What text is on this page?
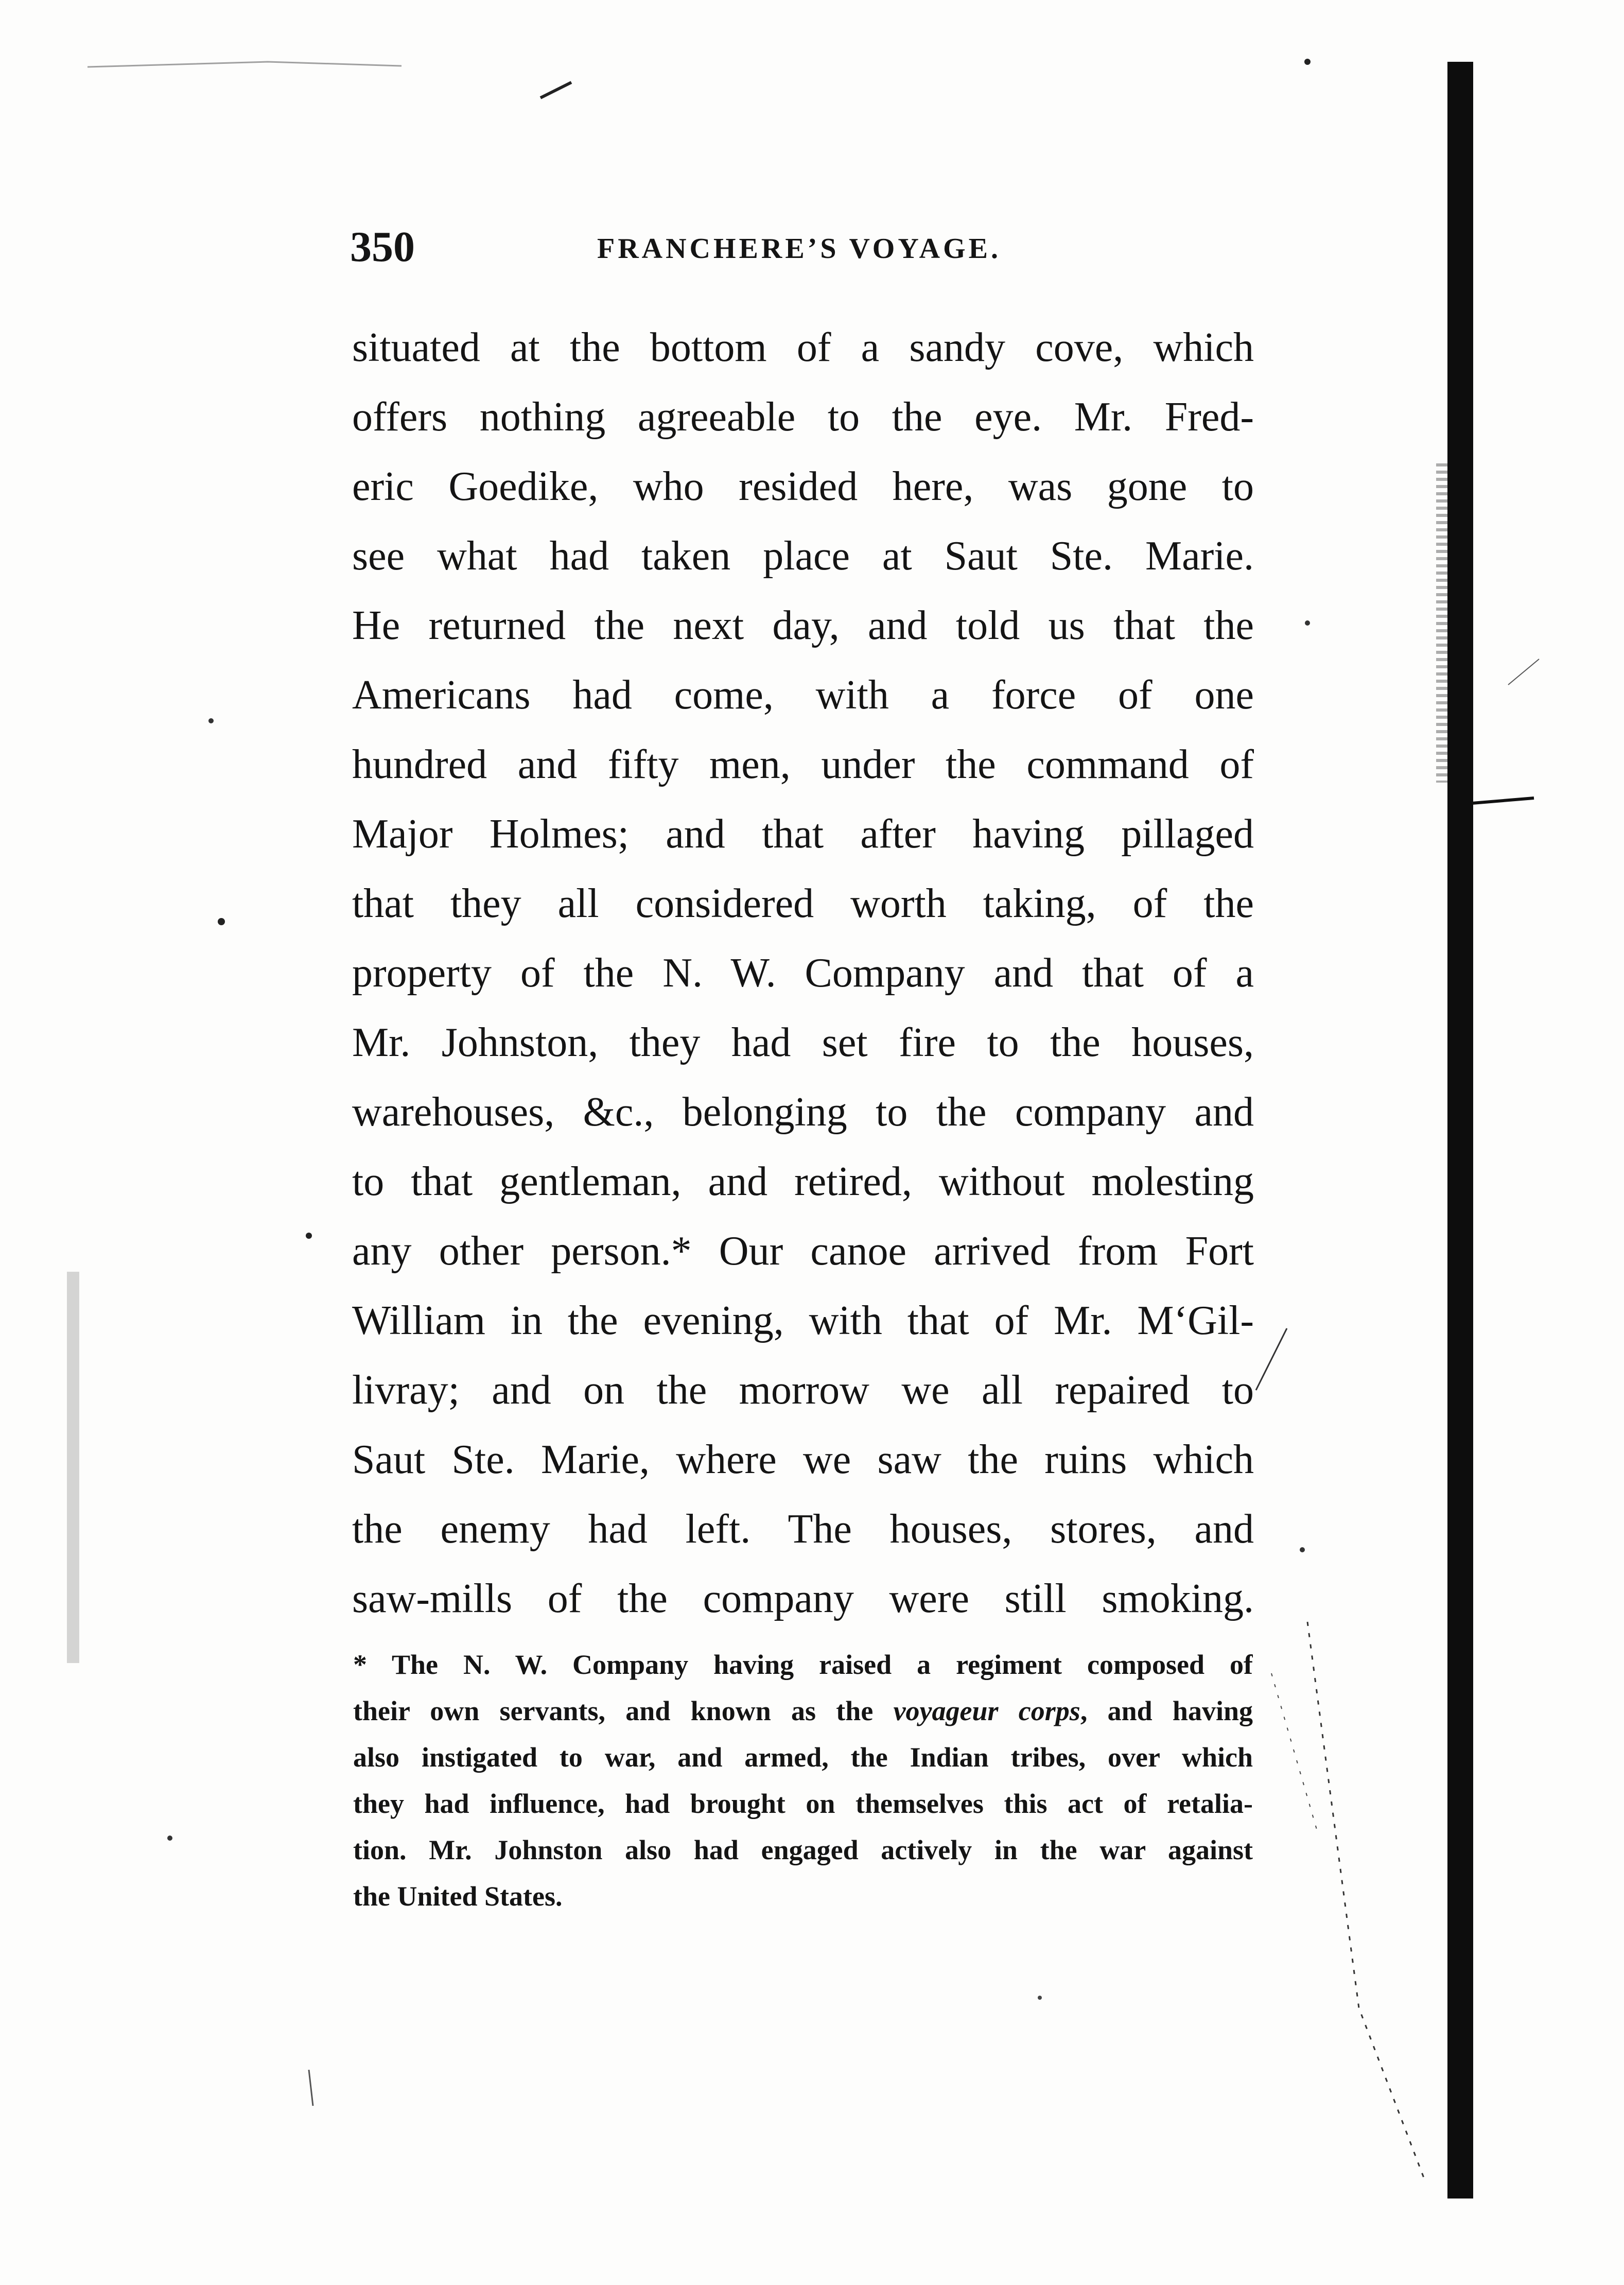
350	FRANCHERE’S VOYAGE.
situated at the bottom of a sandy cove, which
offers nothing agreeable to the eye. Mr. Fred-
eric Goedike, who resided here, was gone to
see what had taken place at Saut Ste. Marie.
He returned the next day, and told us that the
Americans had come, with a force of one
hundred and fifty men, under the command of
Major Holmes; and that after having pillaged
that they all considered worth taking, of the
property of the N. W. Company and that of a
Mr. Johnston, they had set fire to the houses,
warehouses, &c., belonging to the company and
to that gentleman, and retired, without molesting
any other person.* Our canoe arrived from Fort
William in the evening, with that of Mr. M‘Gil-
livray; and on the morrow we all repaired to
Saut Ste. Marie, where we saw the ruins which
the enemy had left. The houses, stores, and
saw-mills of the company were still smoking.
* The N. W. Company having raised a regiment composed of
their own servants, and known as the voyageur corps, and having
also instigated to war, and armed, the Indian tribes, over which
they had influence, had brought on themselves this act of retalia-
tion. Mr. Johnston also had engaged actively in the war against
the United States.
